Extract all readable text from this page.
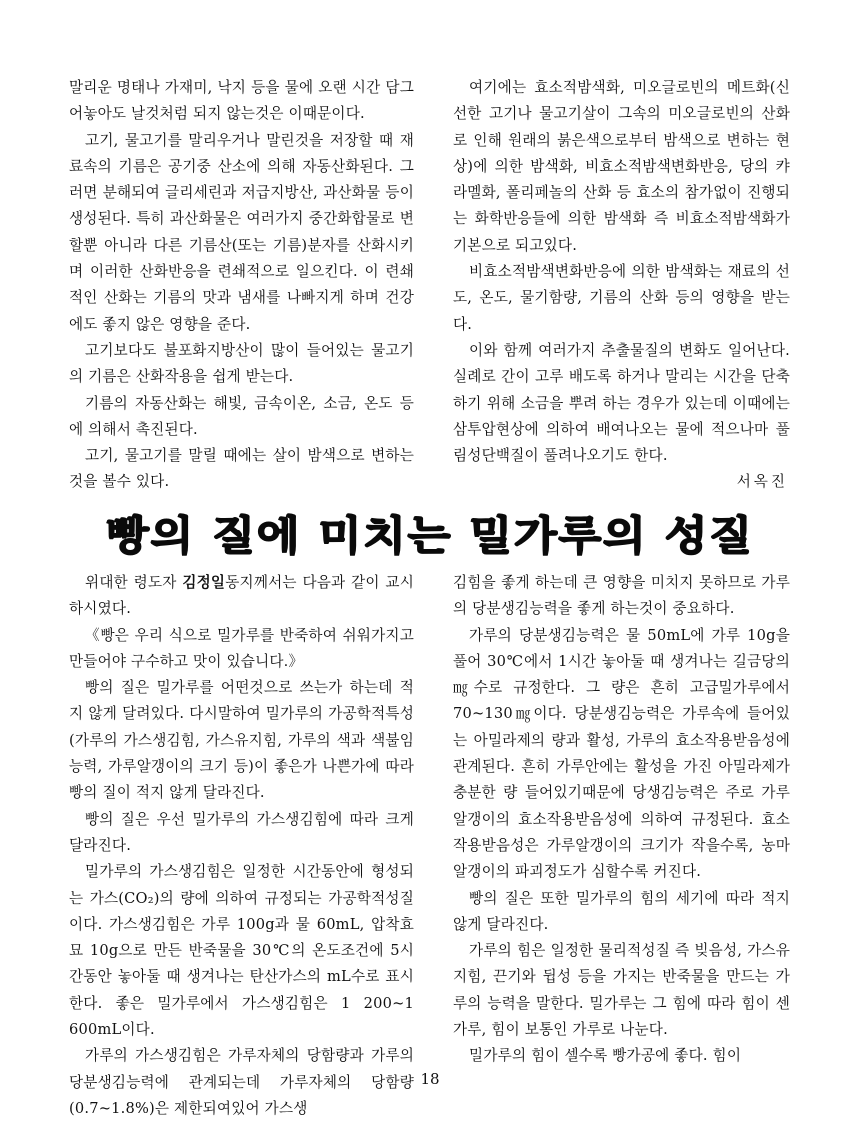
말리운 명태나 가재미, 낙지 등을 물에 오랜 시간 담그어놓아도 날것처럼 되지 않는것은 이때문이다.

고기, 물고기를 말리우거나 말린것을 저장할 때 재료속의 기름은 공기중 산소에 의해 자동산화된다. 그러면 분해되여 글리세린과 저급지방산, 과산화물 등이 생성된다. 특히 과산화물은 여러가지 중간화합물로 변할뿐 아니라 다른 기름산(또는 기름)분자를 산화시키며 이러한 산화반응을 련쇄적으로 일으킨다. 이 련쇄적인 산화는 기름의 맛과 냄새를 나빠지게 하며 건강에도 좋지 않은 영향을 준다.

고기보다도 불포화지방산이 많이 들어있는 물고기의 기름은 산화작용을 쉽게 받는다.

기름의 자동산화는 해빛, 금속이온, 소금, 온도 등에 의해서 촉진된다.

고기, 물고기를 말릴 때에는 살이 밤색으로 변하는것을 볼수 있다.

여기에는 효소적밤색화, 미오글로빈의 메트화(신선한 고기나 물고기살이 그속의 미오글로빈의 산화로 인해 원래의 붉은색으로부터 밤색으로 변하는 현상)에 의한 밤색화, 비효소적밤색변화반응, 당의 캬라멜화, 폴리페놀의 산화 등 효소의 참가없이 진행되는 화학반응들에 의한 밤색화 즉 비효소적밤색화가 기본으로 되고있다.

비효소적밤색변화반응에 의한 밤색화는 재료의 선도, 온도, 물기함량, 기름의 산화 등의 영향을 받는다.

이와 함께 여러가지 추출물질의 변화도 일어난다. 실례로 간이 고루 배도록 하거나 말리는 시간을 단축하기 위해 소금을 뿌려 하는 경우가 있는데 이때에는 삼투압현상에 의하여 배여나오는 물에 적으나마 풀림성단백질이 풀려나오기도 한다.

서옥진
빵의 질에 미치는 밀가루의 성질

위대한 령도자 김정일동지께서는 다음과 같이 교시하시였다.

《빵은 우리 식으로 밀가루를 반죽하여 쉬워가지고 만들어야 구수하고 맛이 있습니다.》

빵의 질은 밀가루를 어떤것으로 쓰는가 하는데 적지 않게 달려있다. 다시말하여 밀가루의 가공학적특성(가루의 가스생김힘, 가스유지힘, 가루의 색과 색불임능력, 가루알갱이의 크기 등)이 좋은가 나쁜가에 따라 빵의 질이 적지 않게 달라진다.

빵의 질은 우선 밀가루의 가스생김힘에 따라 크게 달라진다.

밀가루의 가스생김힘은 일정한 시간동안에 형성되는 가스(CO₂)의 량에 의하여 규정되는 가공학적성질이다. 가스생김힘은 가루 100g과 물 60mL, 압착효묘 10g으로 만든 반죽물을 30℃의 온도조건에 5시간동안 놓아둘 때 생겨나는 탄산가스의 mL수로 표시한다. 좋은 밀가루에서 가스생김힘은 1 200~1 600mL이다.

가루의 가스생김힘은 가루자체의 당함량과 가루의 당분생김능력에 관계되는데 가루자체의 당함량(0.7~1.8%)은 제한되여있어 가스생

김힘을 좋게 하는데 큰 영향을 미치지 못하므로 가루의 당분생김능력을 좋게 하는것이 중요하다.

가루의 당분생김능력은 물 50mL에 가루 10g을 풀어 30℃에서 1시간 놓아둘 때 생겨나는 길금당의 ㎎수로 규정한다. 그 량은 흔히 고급밀가루에서 70~130㎎이다. 당분생김능력은 가루속에 들어있는 아밀라제의 량과 활성, 가루의 효소작용받음성에 관계된다. 흔히 가루안에는 활성을 가진 아밀라제가 충분한 량 들어있기때문에 당생김능력은 주로 가루알갱이의 효소작용받음성에 의하여 규정된다. 효소작용받음성은 가루알갱이의 크기가 작을수록, 농마알갱이의 파괴정도가 심할수록 커진다.

빵의 질은 또한 밀가루의 힘의 세기에 따라 적지 않게 달라진다.

가루의 힘은 일정한 물리적성질 즉 빚음성, 가스유지힘, 끈기와 뒵성 등을 가지는 반죽물을 만드는 가루의 능력을 말한다. 밀가루는 그 힘에 따라 힘이 센 가루, 힘이 보통인 가루로 나눈다.

밀가루의 힘이 셀수록 빵가공에 좋다. 힘이

18
